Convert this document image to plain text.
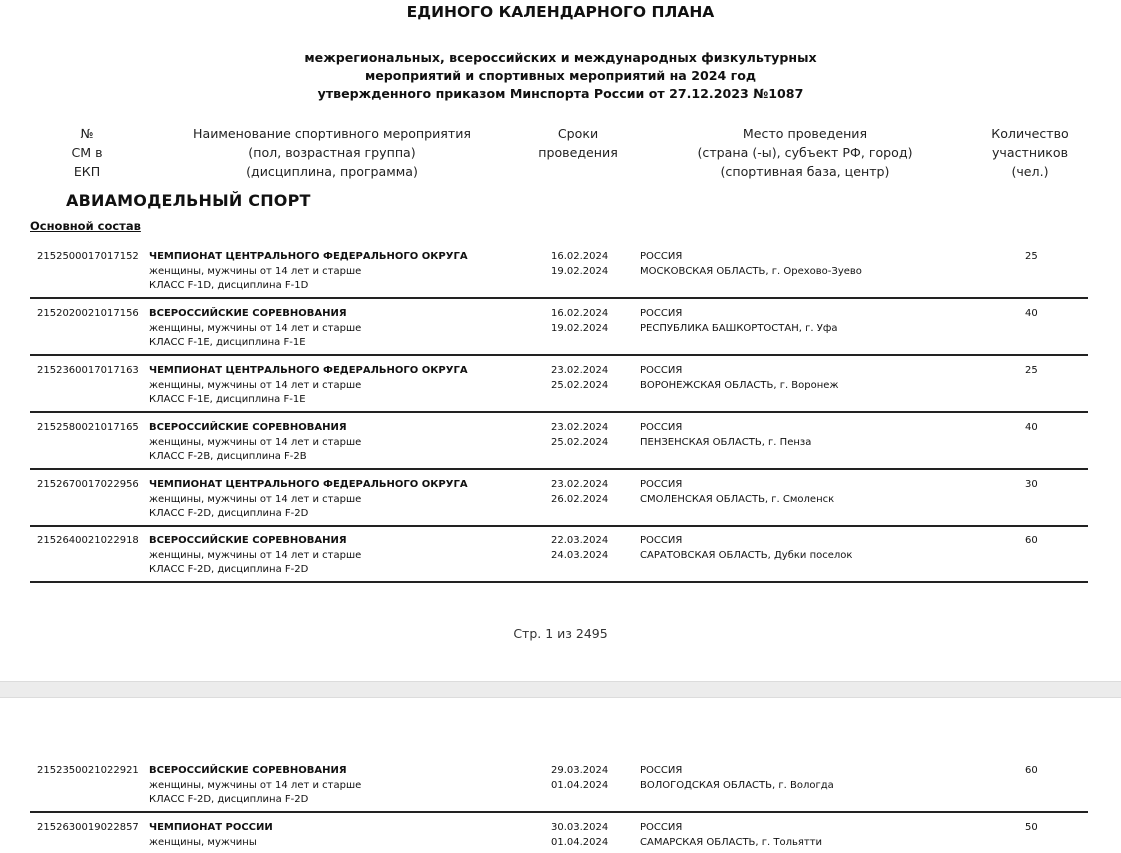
ЕДИНОГО КАЛЕНДАРНОГО ПЛАНА
межрегиональных, всероссийских и международных физкультурных
мероприятий и спортивных мероприятий на 2024 год
утвержденного приказом Минспорта России от 27.12.2023 №1087
№
СМ в
ЕКП
Наименование спортивного мероприятия
(пол, возрастная группа)
(дисциплина, программа)
Сроки
проведения
Место проведения
(страна (-ы), субъект РФ, город)
(спортивная база, центр)
Количество
участников
(чел.)
АВИАМОДЕЛЬНЫЙ СПОРТ
Основной состав
2152500017017152 ЧЕМПИОНАТ ЦЕНТРАЛЬНОГО ФЕДЕРАЛЬНОГО ОКРУГА
женщины, мужчины от 14 лет и старше
КЛАСС F-1D, дисциплина F-1D
16.02.2024
19.02.2024
РОССИЯ
МОСКОВСКАЯ ОБЛАСТЬ, г. Орехово-Зуево
25
2152020021017156 ВСЕРОССИЙСКИЕ СОРЕВНОВАНИЯ
женщины, мужчины от 14 лет и старше
КЛАСС F-1E, дисциплина F-1E
16.02.2024
19.02.2024
РОССИЯ
РЕСПУБЛИКА БАШКОРТОСТАН, г. Уфа
40
2152360017017163 ЧЕМПИОНАТ ЦЕНТРАЛЬНОГО ФЕДЕРАЛЬНОГО ОКРУГА
женщины, мужчины от 14 лет и старше
КЛАСС F-1E, дисциплина F-1E
23.02.2024
25.02.2024
РОССИЯ
ВОРОНЕЖСКАЯ ОБЛАСТЬ, г. Воронеж
25
2152580021017165 ВСЕРОССИЙСКИЕ СОРЕВНОВАНИЯ
женщины, мужчины от 14 лет и старше
КЛАСС F-2B, дисциплина F-2B
23.02.2024
25.02.2024
РОССИЯ
ПЕНЗЕНСКАЯ ОБЛАСТЬ, г. Пенза
40
2152670017022956 ЧЕМПИОНАТ ЦЕНТРАЛЬНОГО ФЕДЕРАЛЬНОГО ОКРУГА
женщины, мужчины от 14 лет и старше
КЛАСС F-2D, дисциплина F-2D
23.02.2024
26.02.2024
РОССИЯ
СМОЛЕНСКАЯ ОБЛАСТЬ, г. Смоленск
30
2152640021022918 ВСЕРОССИЙСКИЕ СОРЕВНОВАНИЯ
женщины, мужчины от 14 лет и старше
КЛАСС F-2D, дисциплина F-2D
22.03.2024
24.03.2024
РОССИЯ
САРАТОВСКАЯ ОБЛАСТЬ, Дубки поселок
60
Стр. 1 из 2495
2152350021022921 ВСЕРОССИЙСКИЕ СОРЕВНОВАНИЯ
женщины, мужчины от 14 лет и старше
КЛАСС F-2D, дисциплина F-2D
29.03.2024
01.04.2024
РОССИЯ
ВОЛОГОДСКАЯ ОБЛАСТЬ, г. Вологда
60
2152630019022857 ЧЕМПИОНАТ РОССИИ
женщины, мужчины
30.03.2024
01.04.2024
РОССИЯ
САМАРСКАЯ ОБЛАСТЬ, г. Тольятти
50
